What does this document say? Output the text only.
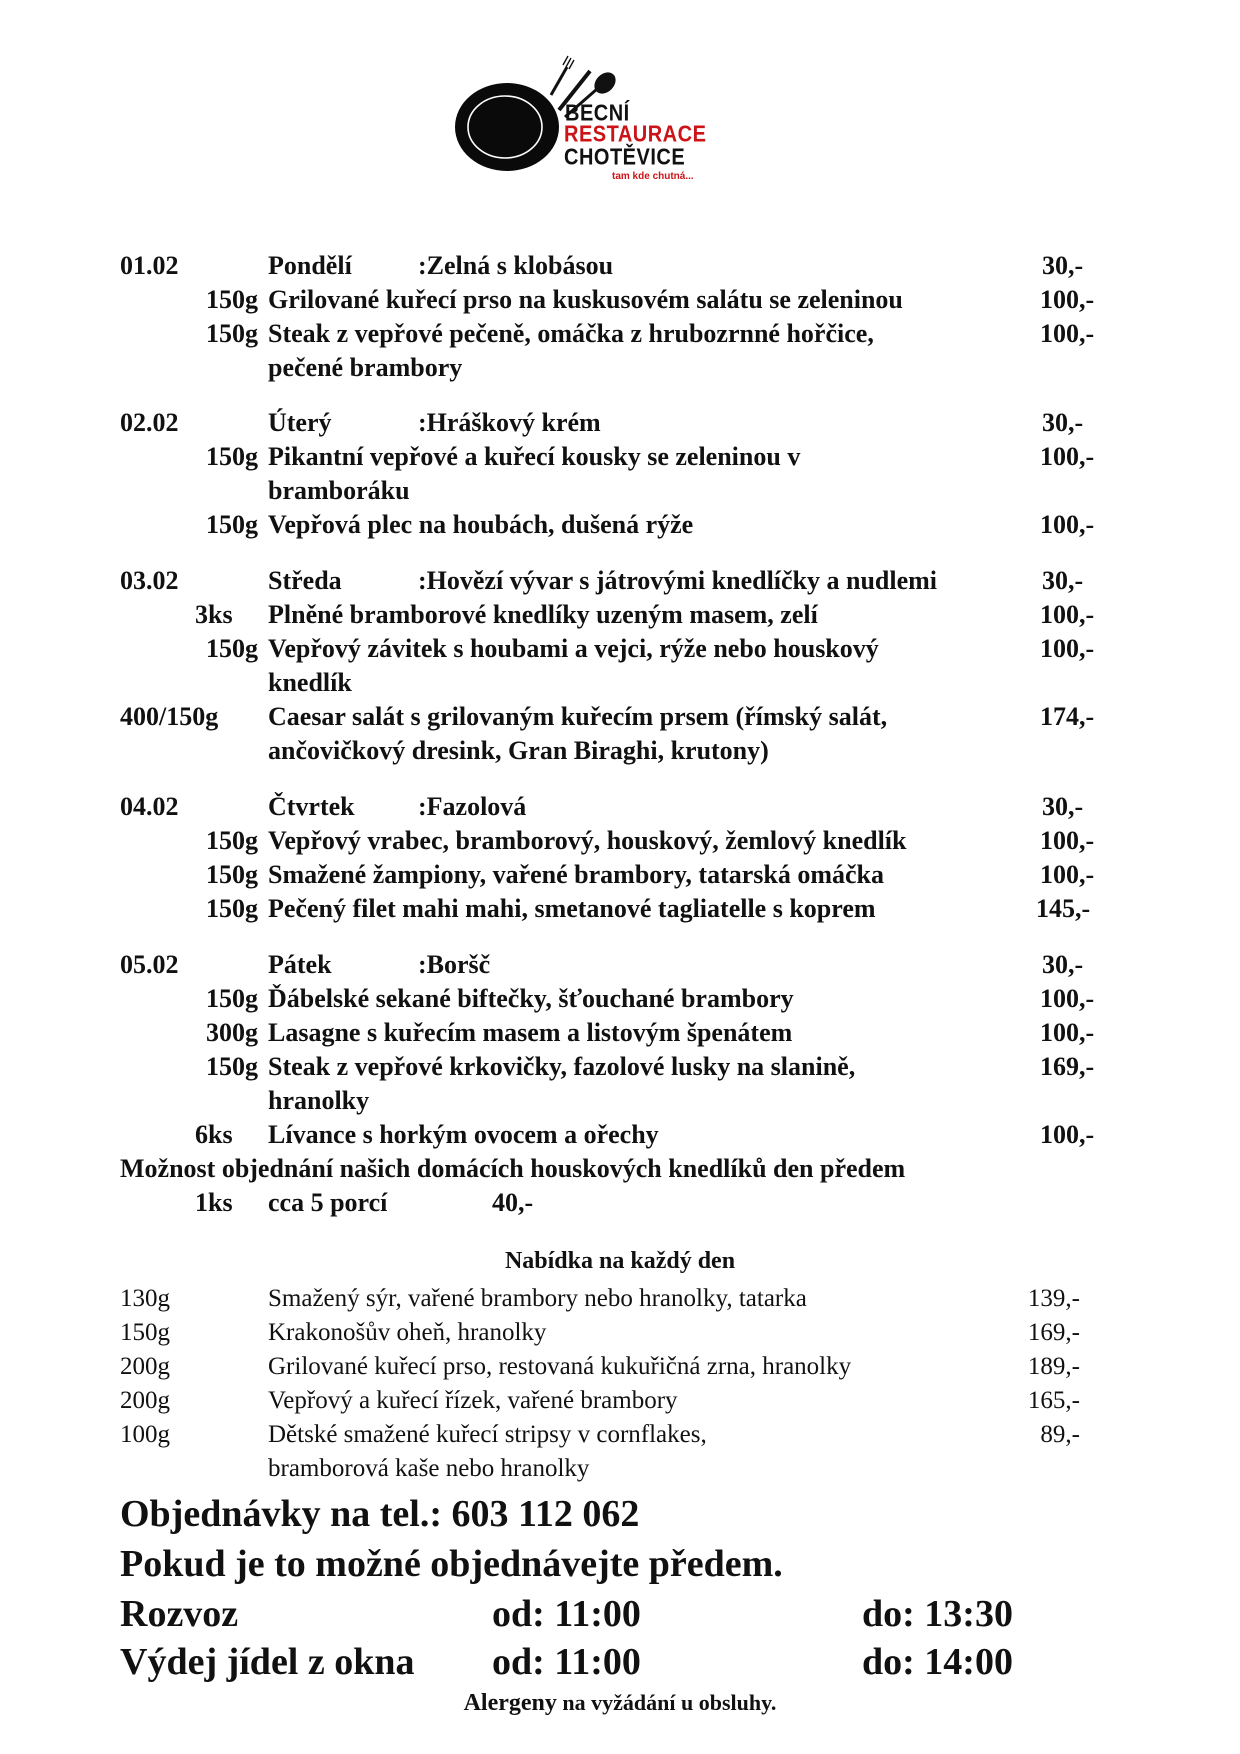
BECNÍ
RESTAURACE
CHOTĚVICE
tam kde chutná...
01.02	Pondělí	:Zelná s klobásou	30,-
150g Grilované kuřecí prso na kuskusovém salátu se zeleninou	100,-
150g Steak z vepřové pečeně, omáčka z hrubozrnné hořčice,	100,-
pečené brambory
02.02	Úterý	:Hráškový krém	30,-
150g Pikantní vepřové a kuřecí kousky se zeleninou v	100,-
bramboráku
150g Vepřová plec na houbách, dušená rýže	100,-
03.02	Středa	:Hovězí vývar s játrovými knedlíčky a nudlemi	30,-
3ks	Plněné bramborové knedlíky uzeným masem, zelí	100,-
150g Vepřový závitek s houbami a vejci, rýže nebo houskový	100,-
knedlík
400/150g Caesar salát s grilovaným kuřecím prsem (římský salát,	174,-
ančovičkový dresink, Gran Biraghi, krutony)
04.02	Čtvrtek :Fazolová	30,-
150g Vepřový vrabec, bramborový, houskový, žemlový knedlík	100,-
150g Smažené žampiony, vařené brambory, tatarská omáčka	100,-
150g Pečený filet mahi mahi, smetanové tagliatelle s koprem	145,-
05.02	Pátek	:Boršč	30,-
150g Ďábelské sekané biftečky, šťouchané brambory	100,-
300g Lasagne s kuřecím masem a listovým špenátem	100,-
150g Steak z vepřové krkovičky, fazolové lusky na slanině,	169,-
hranolky
6ks	Lívance s horkým ovocem a ořechy	100,-
Možnost objednání našich domácích houskových knedlíků den předem
1ks cca 5 porcí	40,-
Nabídka na každý den
130g	Smažený sýr, vařené brambory nebo hranolky, tatarka	139,-
150g	Krakonošův oheň, hranolky	169,-
200g	Grilované kuřecí prso, restovaná kukuřičná zrna, hranolky	189,-
200g	Vepřový a kuřecí řízek, vařené brambory	165,-
100g	Dětské smažené kuřecí stripsy v cornflakes,	89,-
bramborová kaše nebo hranolky
Objednávky na tel.: 603 112 062
Pokud je to možné objednávejte předem.
Rozvoz	od: 11:00	do: 13:30
Výdej jídel z okna od: 11:00	do: 14:00
Alergeny na vyžádání u obsluhy.
